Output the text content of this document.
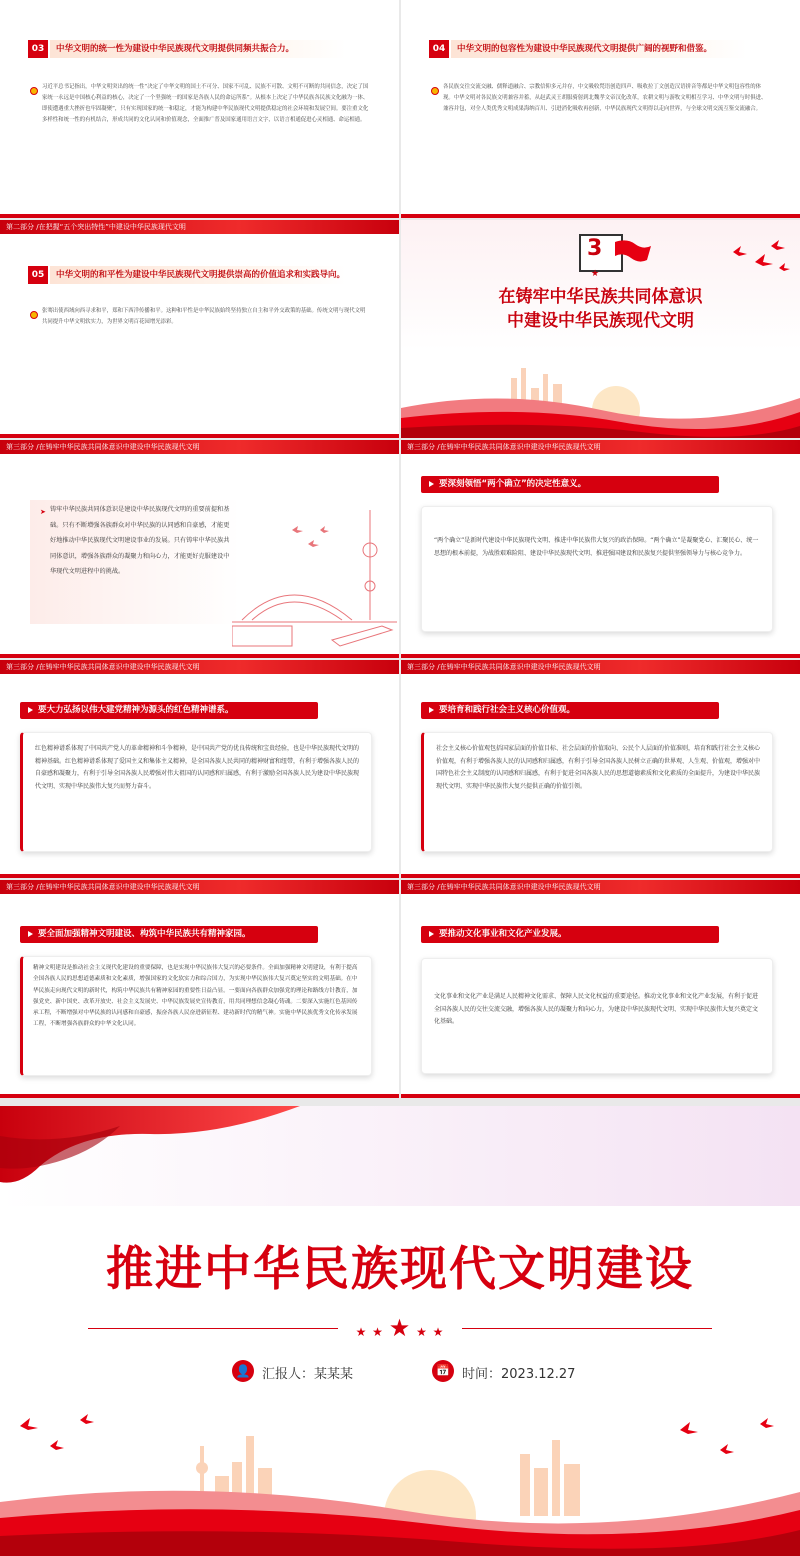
03	中华文明的统一性为建设中华民族现代文明提供同频共振合力。
习近平总书记指出，中华文明突出的统一性“决定了中华文明的国土不可分、国家不可乱、民族不可散、文明不可断的共同信念，决定了国家统一永远是中国核心利益的核心，决定了一个坚强统一的国家是各族人民的命运所系”。从根本上决定了中华民族各民族文化融为一体、即使遭遇重大挫折也牢固凝聚”，只有实现国家的统一和稳定，才能为构建中华民族现代文明提供稳定的社会环境和发展空间。要注重文化多样性和统一性的有机结合，形成共同的文化认同和价值观念，全面推广普及国家通用语言文字，以语言相通促进心灵相通、命运相通。
04	中华文明的包容性为建设中华民族现代文明提供广阔的视野和借鉴。
各民族交往交流交融、儒释道融合、宗教信仰多元并存，中文吸收梵语创造四声、吸收拉丁文创造汉语拼音等都是中华文明包容性的体现。中华文明对各民族文明兼容并蓄，从赵武灵王胡服骑射到北魏孝文帝汉化改革，农耕文明与游牧文明相互学习、中华文明与时俱进、兼容并包，对全人类优秀文明成果海纳百川、引进消化吸收再创新，中华民族现代文明得以走向世界，与全球文明交流互鉴交流融合。
第二部分 /在把握“五个突出特性”中建设中华民族现代文明
05	中华文明的和平性为建设中华民族现代文明提供崇高的价值追求和实践导向。
张骞出使西域向西寻求和平，郑和下西洋传播和平。这种和平性是中华民族始终坚持独立自主和平外交政策的基础。传统文明与现代文明共同提升中华文明软实力，为世界文明百花园增光添彩。
3
★
在铸牢中华民族共同体意识
中建设中华民族现代文明
第三部分 /在铸牢中华民族共同体意识中建设中华民族现代文明
➤ 铸牢中华民族共同体意识是建设中华民族现代文明的重要前提和基础。只有不断增强各族群众对中华民族的认同感和自豪感，才能更好地推动中华民族现代文明建设事业的发展。只有铸牢中华民族共同体意识，增强各族群众的凝聚力和向心力，才能更好克服建设中华现代文明进程中的挑战。
第三部分 /在铸牢中华民族共同体意识中建设中华民族现代文明
要深刻领悟“两个确立”的决定性意义。
“两个确立”是新时代建设中华民族现代文明、推进中华民族伟大复兴的政治保障。“两个确立”是凝聚党心、汇聚民心、统一思想的根本前提，为战胜艰难险阻、建设中华民族现代文明、推进强国建设和民族复兴提供坚强领导力与核心竞争力。
第三部分 /在铸牢中华民族共同体意识中建设中华民族现代文明
要大力弘扬以伟大建党精神为源头的红色精神谱系。
红色精神谱系体现了中国共产党人的革命精神和斗争精神，是中国共产党的优良传统和宝贵经验，也是中华民族现代文明的精神基础。红色精神谱系体现了爱国主义和集体主义精神，是全国各族人民共同的精神财富和纽带，有利于增强各族人民的自豪感和凝聚力，有利于引导全国各族人民增强对伟大祖国的认同感和归属感，有利于激励全国各族人民为建设中华民族现代文明、实现中华民族伟大复兴而努力奋斗。
第三部分 /在铸牢中华民族共同体意识中建设中华民族现代文明
要培育和践行社会主义核心价值观。
社会主义核心价值观包括国家层面的价值目标、社会层面的价值取向、公民个人层面的价值准则，培育和践行社会主义核心价值观，有利于增强各族人民的认同感和归属感，有利于引导全国各族人民树立正确的世界观、人生观、价值观，增强对中国特色社会主义制度的认同感和归属感，有利于促进全国各族人民的思想道德素质和文化素质的全面提升，为建设中华民族现代文明、实现中华民族伟大复兴提供正确的价值引领。
第三部分 /在铸牢中华民族共同体意识中建设中华民族现代文明
要全面加强精神文明建设、构筑中华民族共有精神家园。
精神文明建设是推动社会主义现代化建设的重要保障，也是实现中华民族伟大复兴的必要条件。全面加强精神文明建设，有利于提高全国各族人民的思想道德素质和文化素质，增强国家的文化软实力和综合国力，为实现中华民族伟大复兴奠定坚实的文明基础。在中华民族走向现代文明的新时代，构筑中华民族共有精神家园的重要性日益凸显。一要面向各族群众加强党的理论和路线方针教育，加强党史、新中国史、改革开放史、社会主义发展史、中华民族发展史宣传教育，用共同理想信念凝心铸魂。二要深入实施红色基因传承工程，不断增强对中华民族的认同感和自豪感，振奋各族人民奋进新征程、建功新时代的精气神。实施中华民族优秀文化传承发展工程，不断增强各族群众的中华文化认同。
第三部分 /在铸牢中华民族共同体意识中建设中华民族现代文明
要推动文化事业和文化产业发展。
文化事业和文化产业是满足人民精神文化需求、保障人民文化权益的重要途径。推动文化事业和文化产业发展，有利于促进全国各族人民的交往交流交融，增强各族人民的凝聚力和向心力，为建设中华民族现代文明、实现中华民族伟大复兴奠定文化基础。
推进中华民族现代文明建设
★ ★ ★ ★ ★
👤 汇报人：某某某	📅 时间：2023.12.27
